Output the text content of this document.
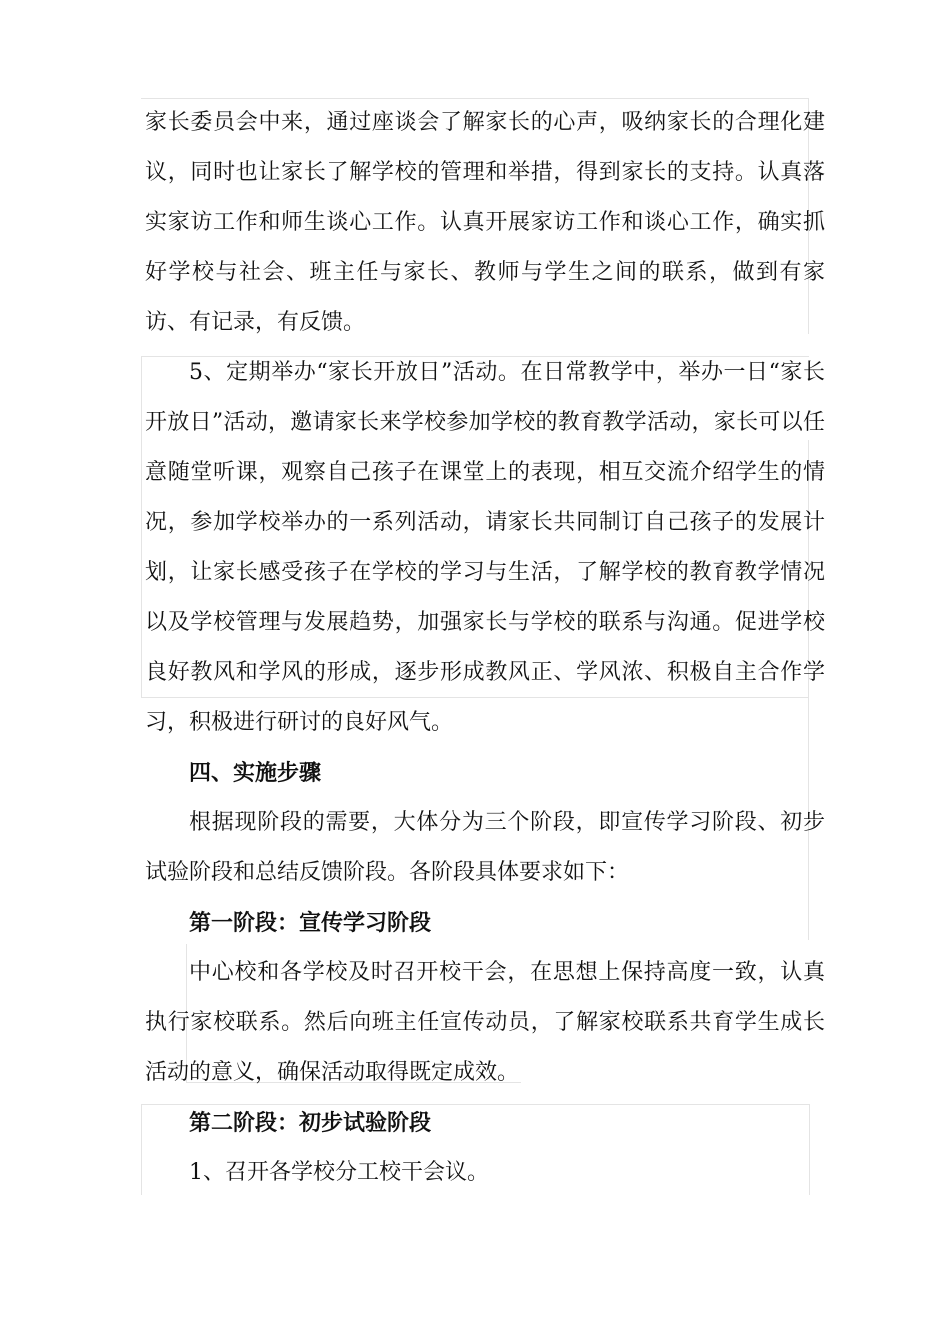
家长委员会中来，通过座谈会了解家长的心声，吸纳家长的合理化建议，同时也让家长了解学校的管理和举措，得到家长的支持。认真落实家访工作和师生谈心工作。认真开展家访工作和谈心工作，确实抓好学校与社会、班主任与家长、教师与学生之间的联系，做到有家访、有记录，有反馈。

5、定期举办“家长开放日”活动。在日常教学中，举办一日“家长开放日”活动，邀请家长来学校参加学校的教育教学活动，家长可以任意随堂听课，观察自己孩子在课堂上的表现，相互交流介绍学生的情况，参加学校举办的一系列活动，请家长共同制订自己孩子的发展计划，让家长感受孩子在学校的学习与生活，了解学校的教育教学情况以及学校管理与发展趋势，加强家长与学校的联系与沟通。促进学校良好教风和学风的形成，逐步形成教风正、学风浓、积极自主合作学习，积极进行研讨的良好风气。

四、实施步骤

根据现阶段的需要，大体分为三个阶段，即宣传学习阶段、初步试验阶段和总结反馈阶段。各阶段具体要求如下：

第一阶段：宣传学习阶段

中心校和各学校及时召开校干会，在思想上保持高度一致，认真执行家校联系。然后向班主任宣传动员，了解家校联系共育学生成长活动的意义，确保活动取得既定成效。

第二阶段：初步试验阶段

1、召开各学校分工校干会议。
